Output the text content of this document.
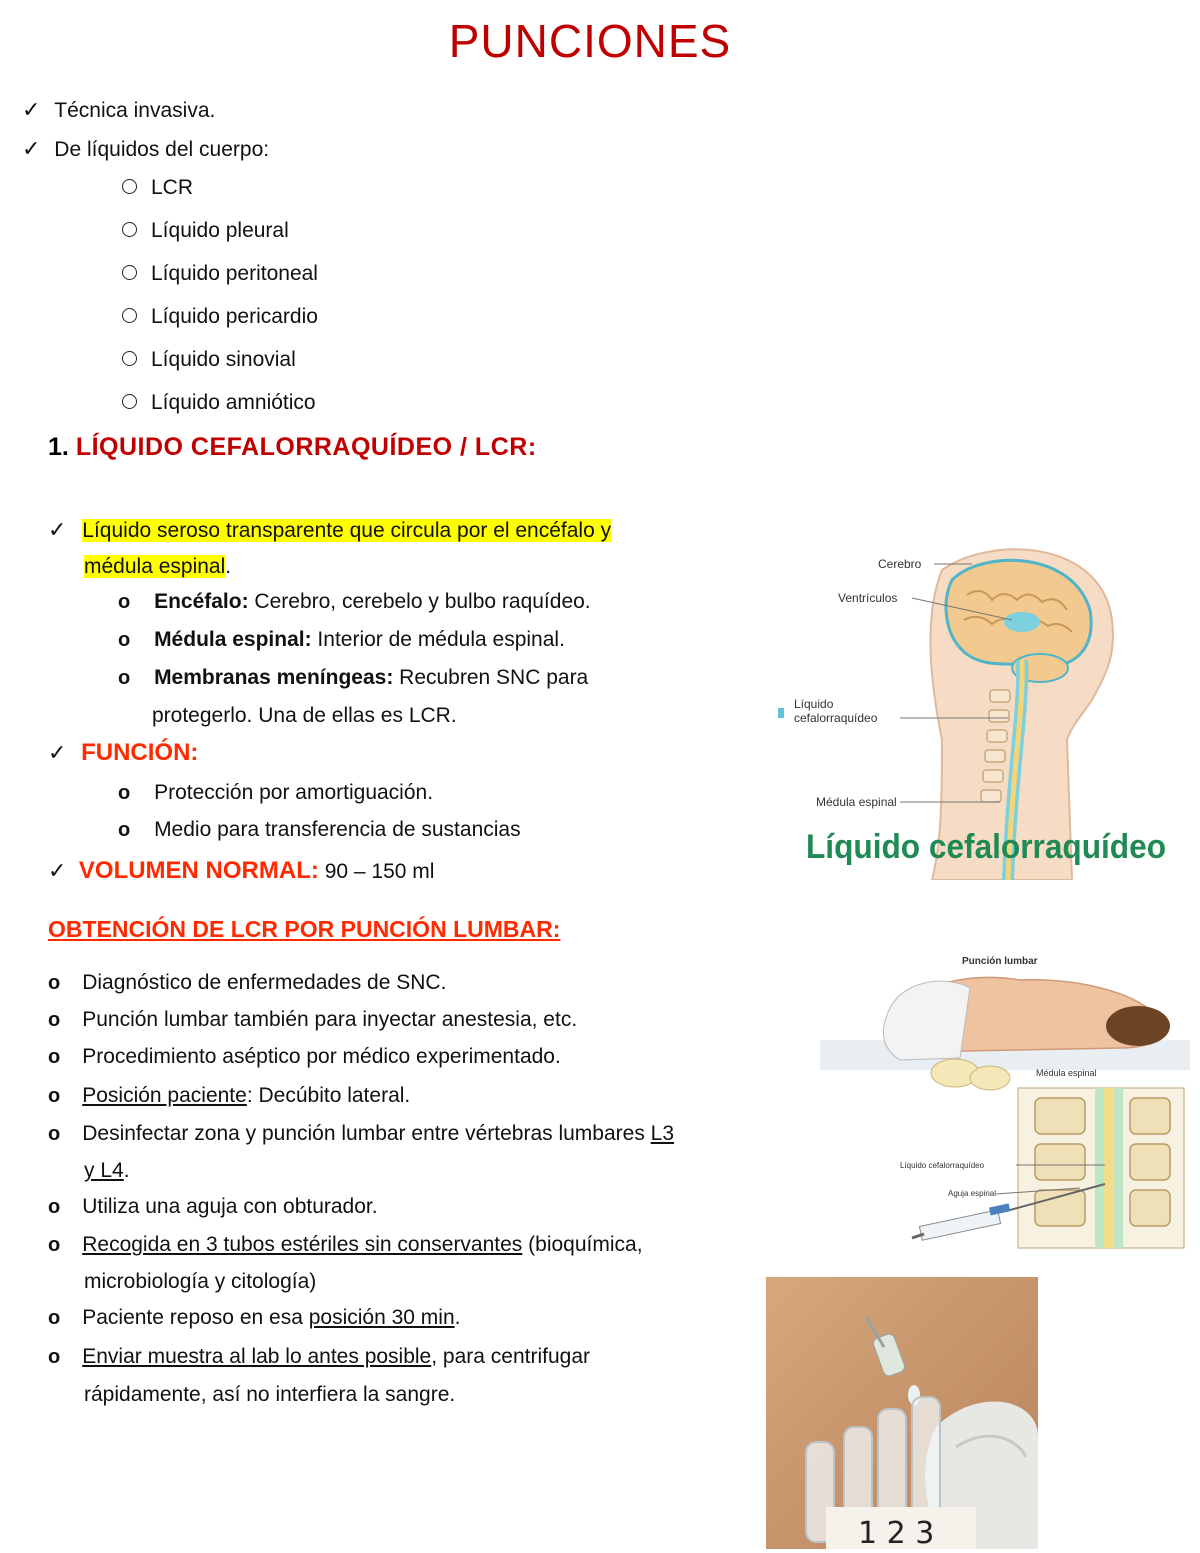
PUNCIONES
✓ Técnica invasiva.
✓ De líquidos del cuerpo:
LCR
Líquido pleural
Líquido peritoneal
Líquido pericardio
Líquido sinovial
Líquido amniótico
1. LÍQUIDO CEFALORRAQUÍDEO / LCR:
✓ Líquido seroso transparente que circula por el encéfalo y
médula espinal.
o Encéfalo: Cerebro, cerebelo y bulbo raquídeo.
o Médula espinal: Interior de médula espinal.
o Membranas meníngeas: Recubren SNC para
protegerlo. Una de ellas es LCR.
✓ FUNCIÓN:
o Protección por amortiguación.
o Medio para transferencia de sustancias
✓ VOLUMEN NORMAL: 90 – 150 ml
Cerebro
Ventrículos
Líquido
cefalorraquídeo
Médula espinal
Líquido cefalorraquídeo
OBTENCIÓN DE LCR POR PUNCIÓN LUMBAR:
o Diagnóstico de enfermedades de SNC.
o Punción lumbar también para inyectar anestesia, etc.
o Procedimiento aséptico por médico experimentado.
o Posición paciente: Decúbito lateral.
o Desinfectar zona y punción lumbar entre vértebras lumbares L3
y L4.
o Utiliza una aguja con obturador.
o Recogida en 3 tubos estériles sin conservantes (bioquímica,
microbiología y citología)
o Paciente reposo en esa posición 30 min.
o Enviar muestra al lab lo antes posible, para centrifugar
rápidamente, así no interfiera la sangre.
Punción lumbar
Médula espinal
Líquido cefalorraquídeo
Aguja espinal
1 2 3
